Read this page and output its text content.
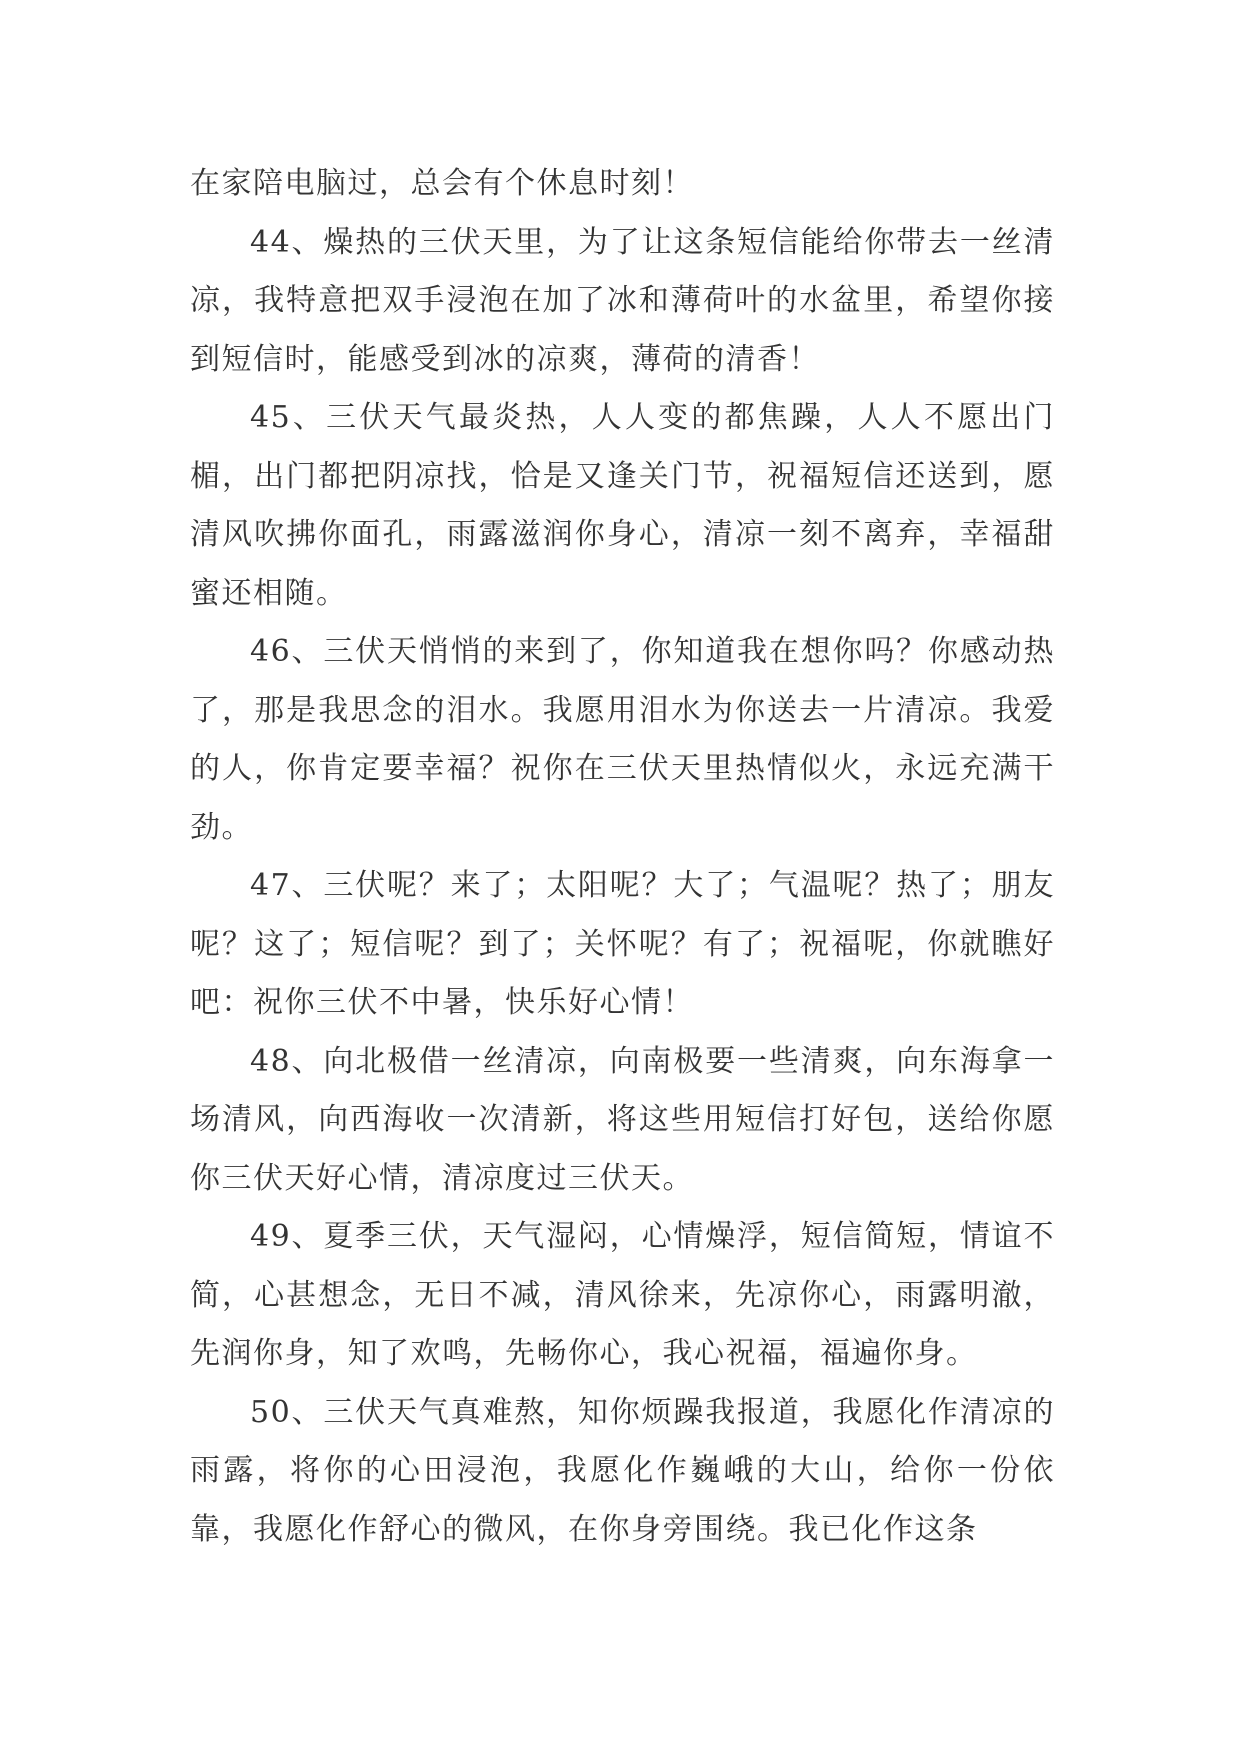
在家陪电脑过，总会有个休息时刻！

44、燥热的三伏天里，为了让这条短信能给你带去一丝清凉，我特意把双手浸泡在加了冰和薄荷叶的水盆里，希望你接到短信时，能感受到冰的凉爽，薄荷的清香！

45、三伏天气最炎热，人人变的都焦躁，人人不愿出门楣，出门都把阴凉找，恰是又逢关门节，祝福短信还送到，愿清风吹拂你面孔，雨露滋润你身心，清凉一刻不离弃，幸福甜蜜还相随。

46、三伏天悄悄的来到了，你知道我在想你吗？你感动热了，那是我思念的泪水。我愿用泪水为你送去一片清凉。我爱的人，你肯定要幸福？祝你在三伏天里热情似火，永远充满干劲。

47、三伏呢？来了；太阳呢？大了；气温呢？热了；朋友呢？这了；短信呢？到了；关怀呢？有了；祝福呢，你就瞧好吧：祝你三伏不中暑，快乐好心情！

48、向北极借一丝清凉，向南极要一些清爽，向东海拿一场清风，向西海收一次清新，将这些用短信打好包，送给你愿你三伏天好心情，清凉度过三伏天。

49、夏季三伏，天气湿闷，心情燥浮，短信简短，情谊不简，心甚想念，无日不减，清风徐来，先凉你心，雨露明澈，先润你身，知了欢鸣，先畅你心，我心祝福，福遍你身。

50、三伏天气真难熬，知你烦躁我报道，我愿化作清凉的雨露，将你的心田浸泡，我愿化作巍峨的大山，给你一份依靠，我愿化作舒心的微风，在你身旁围绕。我已化作这条
